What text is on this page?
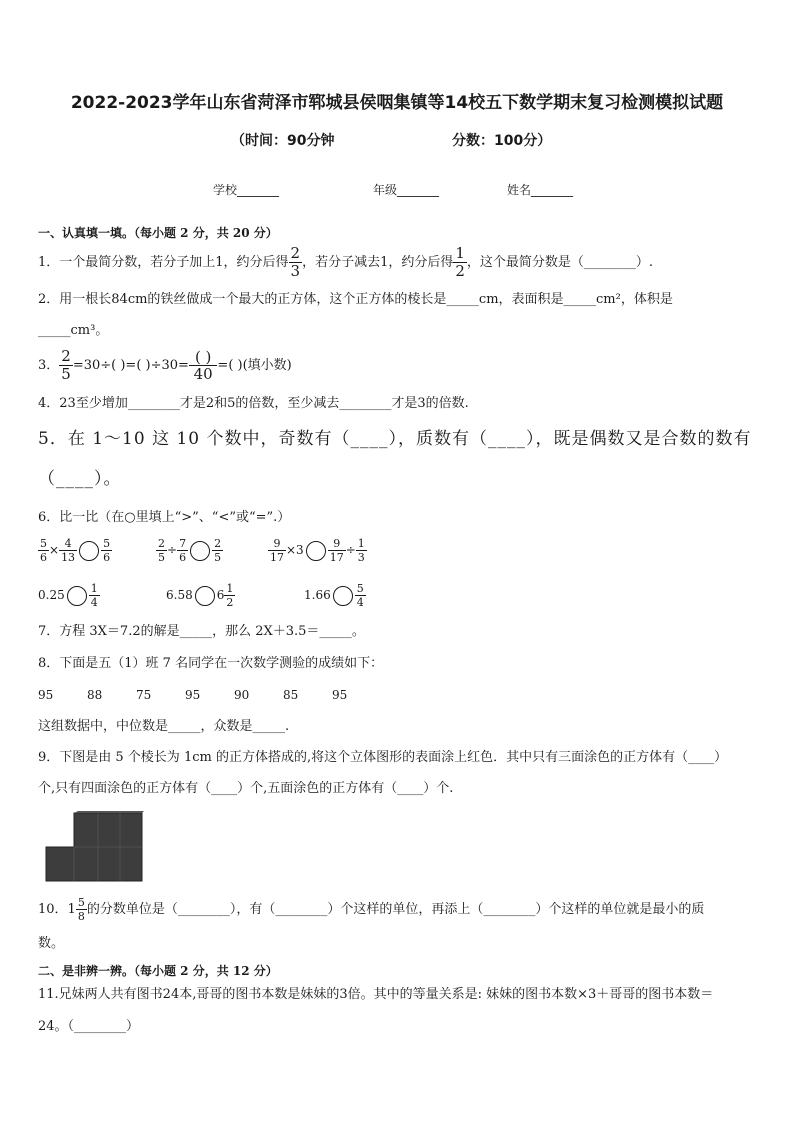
2022-2023学年山东省菏泽市郓城县侯咽集镇等14校五下数学期末复习检测模拟试题
（时间：90分钟	分数：100分）
学校_______	年级_______	姓名_______
一、认真填一填。（每小题 2 分，共 20 分）
1．一个最简分数，若分子加上1，约分后得 $\frac{2}{3}$ ，若分子减去1，约分后得 $\frac{1}{2}$ ，这个最简分数是（________）.
2．用一根长84cm的铁丝做成一个最大的正方体，这个正方体的棱长是_____cm，表面积是_____cm²，体积是
_____cm³。
3． $\frac{2}{5} =30\div$( )=( )$\div 30= \frac{( )}{40}$ =( )(填小数)
4．23至少增加________才是2和5的倍数，至少减去________才是3的倍数.
5．在 1～10 这 10 个数中，奇数有（____），质数有（____），既是偶数又是合数的数有
（____）。
6．比一比（在○里填上“>”、“<”或“=”.）
$\frac{5}{6} \times \frac{4}{13} \frac{5}{6}$	$\frac{2}{5} \div \frac{7}{6} \frac{2}{5}$	$\frac{9}{17} \times 3 \frac{9}{17} \div \frac{1}{3}$
$0.25 \frac{1}{4}$	6.58 $6 \frac{1}{2}$	$1.66 \frac{5}{4}$
7．方程 3X＝7.2的解是_____，那么 2X＋3.5＝_____。
8．下面是五（1）班 7 名同学在一次数学测验的成绩如下：
95	88	75	95	90	85	95
这组数据中，中位数是_____，众数是_____.
9．下图是由 5 个棱长为 1cm 的正方体搭成的,将这个立体图形的表面涂上红色．其中只有三面涂色的正方体有（____）
个,只有四面涂色的正方体有（____）个,五面涂色的正方体有（____）个.
10．$1 \frac{5}{8}$ 的分数单位是（________），有（________）个这样的单位，再添上（________）个这样的单位就是最小的质
数。
二、是非辨一辨。（每小题 2 分，共 12 分）
11.兄妹两人共有图书24本,哥哥的图书本数是妹妹的3倍。其中的等量关系是: 妹妹的图书本数×3＋哥哥的图书本数＝
24。（________）
